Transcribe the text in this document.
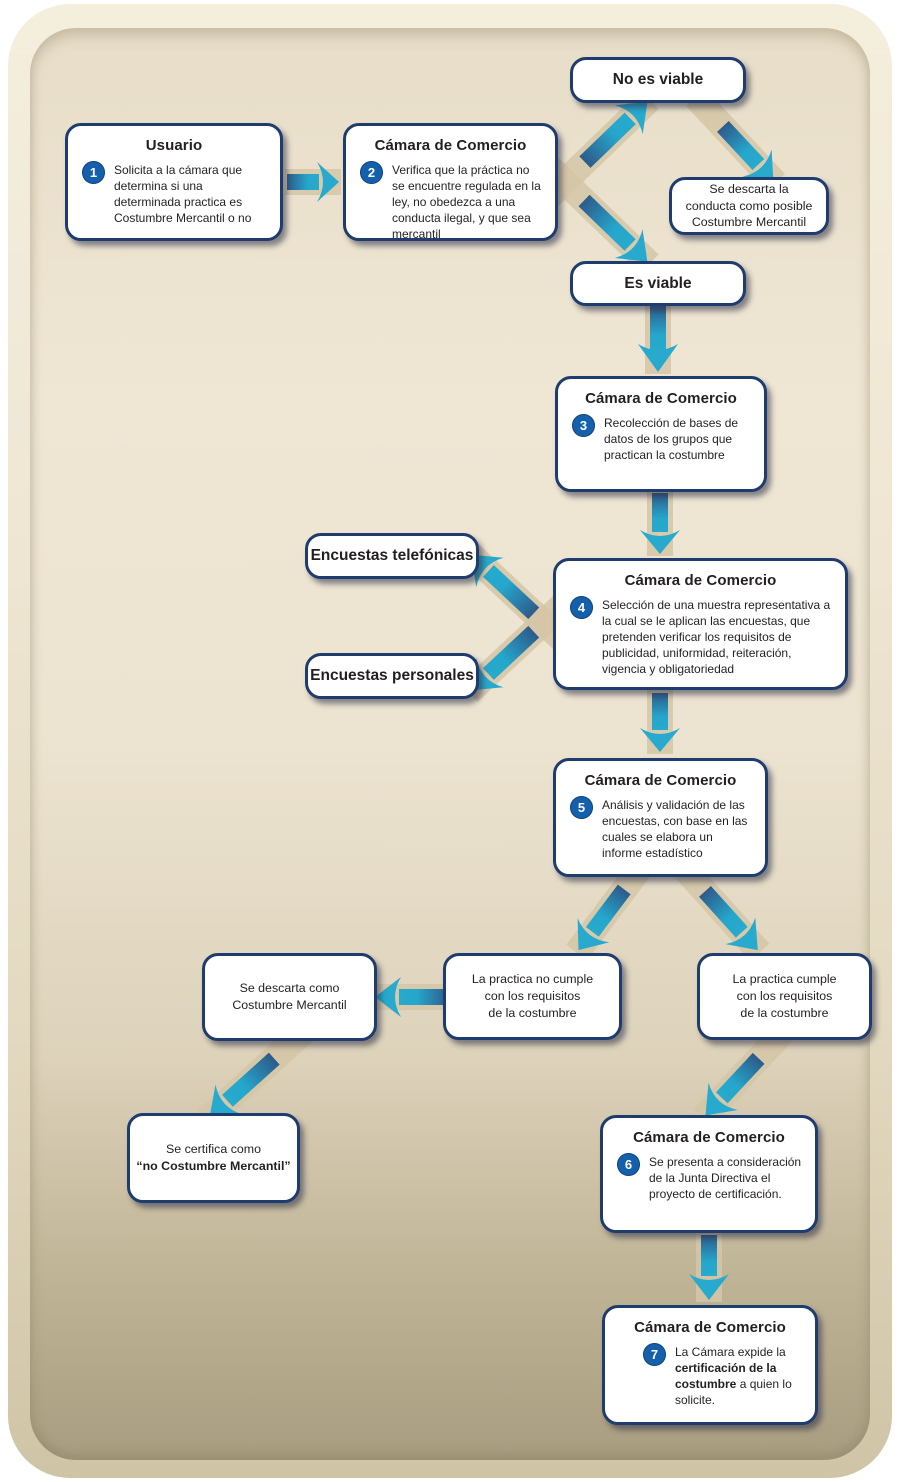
Usuario
1	Solicita a la cámara que determina si una determinada practica es Costumbre Mercantil o no
Cámara de Comercio
2	Verifica que la práctica no se encuentre regulada en la ley, no obedezca a una conducta ilegal, y que sea mercantil
No es viable
Se descarta la
conducta como posible
Costumbre Mercantil
Es viable
Cámara de Comercio
3	Recolección de bases de datos de los grupos que practican la costumbre
Encuestas telefónicas
Encuestas personales
Cámara de Comercio
4	Selección de una muestra representativa a la cual se le aplican las encuestas, que pretenden verificar los requisitos de publicidad, uniformidad, reiteración, vigencia y obligatoriedad
Cámara de Comercio
5	Análisis y validación de las encuestas, con base en las cuales se elabora un informe estadístico
La practica no cumple
con los requisitos
de la costumbre
La practica cumple
con los requisitos
de la costumbre
Se descarta como
Costumbre Mercantil
Se certifica como
“no Costumbre Mercantil”
Cámara de Comercio
6	Se presenta a consideración de la Junta Directiva el proyecto de certificación.
Cámara de Comercio
7	La Cámara expide la certificación de la costumbre a quien lo solicite.
